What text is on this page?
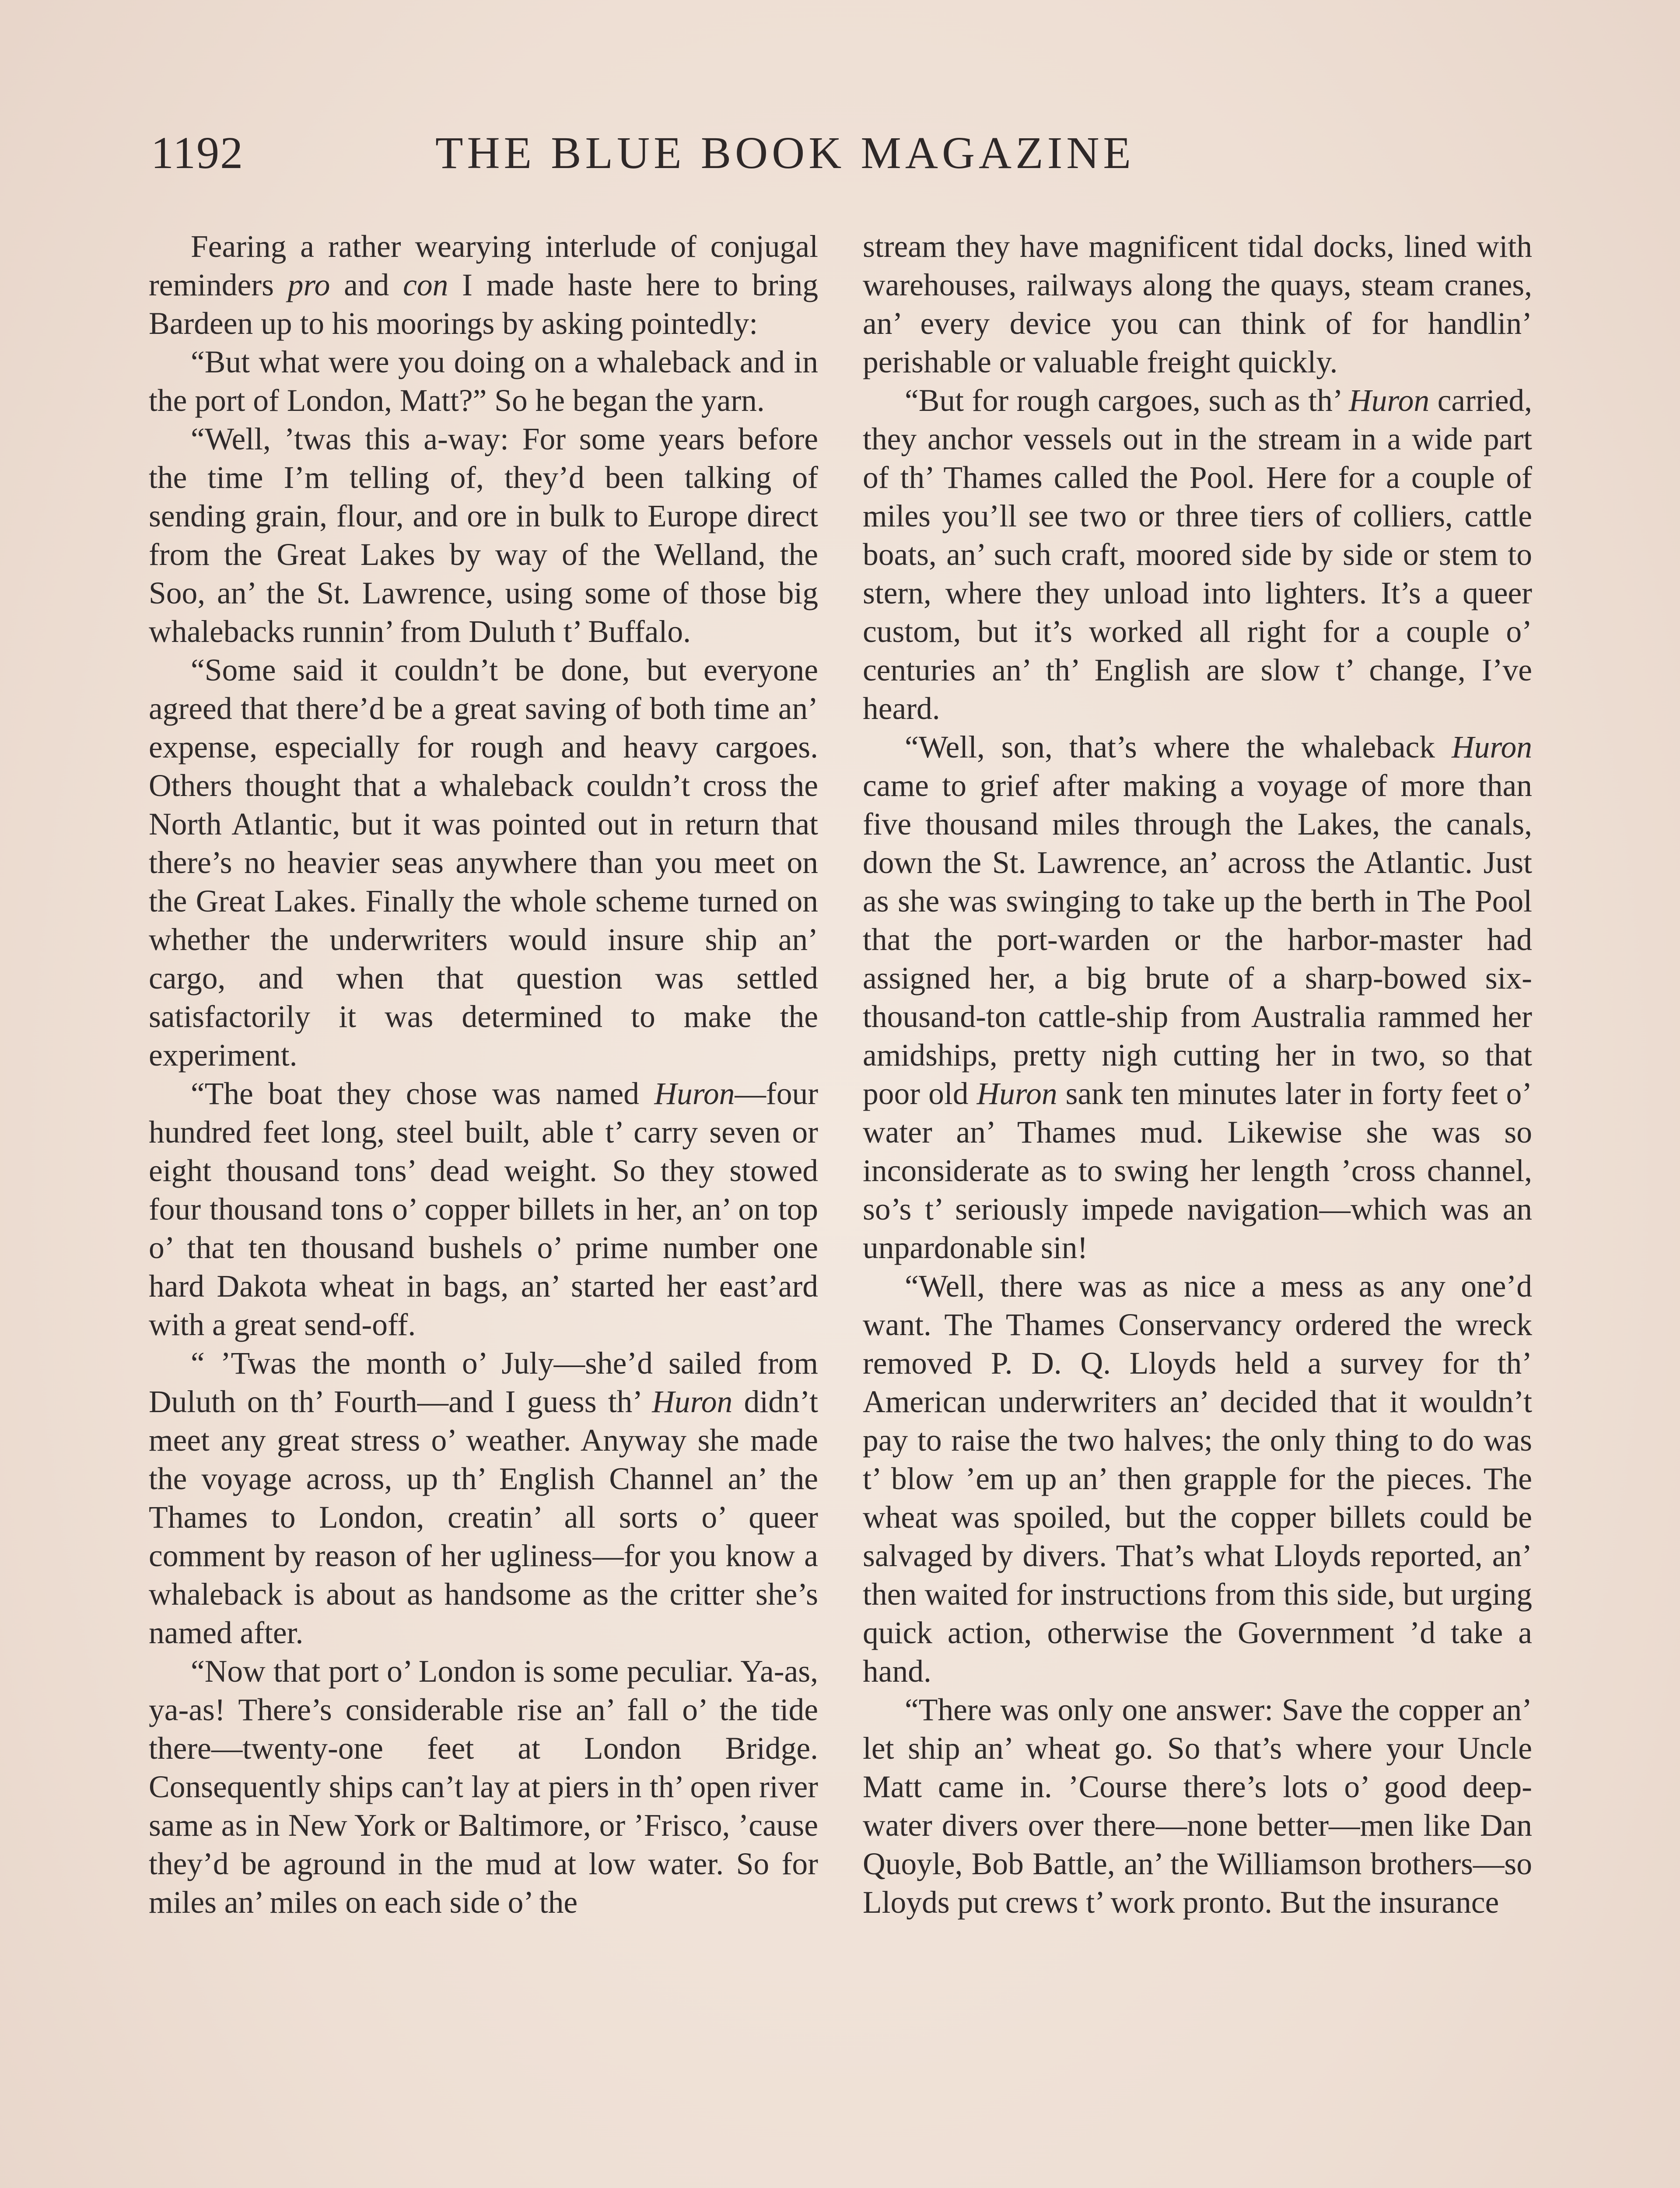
1192	THE BLUE BOOK MAGAZINE

Fearing a rather wearying interlude of conjugal reminders pro and con I made haste here to bring Bardeen up to his moorings by asking pointedly:

“But what were you doing on a whaleback and in the port of London, Matt?” So he began the yarn.

“Well, ’twas this a-way: For some years before the time I’m telling of, they’d been talking of sending grain, flour, and ore in bulk to Europe direct from the Great Lakes by way of the Welland, the Soo, an’ the St. Lawrence, using some of those big whalebacks runnin’ from Duluth t’ Buffalo.

“Some said it couldn’t be done, but everyone agreed that there’d be a great saving of both time an’ expense, especially for rough and heavy cargoes. Others thought that a whaleback couldn’t cross the North Atlantic, but it was pointed out in return that there’s no heavier seas anywhere than you meet on the Great Lakes. Finally the whole scheme turned on whether the underwriters would insure ship an’ cargo, and when that question was settled satisfactorily it was determined to make the experiment.

“The boat they chose was named Huron—four hundred feet long, steel built, able t’ carry seven or eight thousand tons’ dead weight. So they stowed four thousand tons o’ copper billets in her, an’ on top o’ that ten thousand bushels o’ prime number one hard Dakota wheat in bags, an’ started her east’ard with a great send-off.

“ ’Twas the month o’ July—she’d sailed from Duluth on th’ Fourth—and I guess th’ Huron didn’t meet any great stress o’ weather. Anyway she made the voyage across, up th’ English Channel an’ the Thames to London, creatin’ all sorts o’ queer comment by reason of her ugliness—for you know a whaleback is about as handsome as the critter she’s named after.

“Now that port o’ London is some peculiar. Ya-as, ya-as! There’s considerable rise an’ fall o’ the tide there—twenty-one feet at London Bridge. Consequently ships can’t lay at piers in th’ open river same as in New York or Baltimore, or ’Frisco, ’cause they’d be aground in the mud at low water. So for miles an’ miles on each side o’ the

stream they have magnificent tidal docks, lined with warehouses, railways along the quays, steam cranes, an’ every device you can think of for handlin’ perishable or valuable freight quickly.

“But for rough cargoes, such as th’ Huron carried, they anchor vessels out in the stream in a wide part of th’ Thames called the Pool. Here for a couple of miles you’ll see two or three tiers of colliers, cattle boats, an’ such craft, moored side by side or stem to stern, where they unload into lighters. It’s a queer custom, but it’s worked all right for a couple o’ centuries an’ th’ English are slow t’ change, I’ve heard.

“Well, son, that’s where the whaleback Huron came to grief after making a voyage of more than five thousand miles through the Lakes, the canals, down the St. Lawrence, an’ across the Atlantic. Just as she was swinging to take up the berth in The Pool that the port-warden or the harbor-master had assigned her, a big brute of a sharp-bowed six-thousand-ton cattle-ship from Australia rammed her amidships, pretty nigh cutting her in two, so that poor old Huron sank ten minutes later in forty feet o’ water an’ Thames mud. Likewise she was so inconsiderate as to swing her length ’cross channel, so’s t’ seriously impede navigation—which was an unpardonable sin!

“Well, there was as nice a mess as any one’d want. The Thames Conservancy ordered the wreck removed P. D. Q. Lloyds held a survey for th’ American underwriters an’ decided that it wouldn’t pay to raise the two halves; the only thing to do was t’ blow ’em up an’ then grapple for the pieces. The wheat was spoiled, but the copper billets could be salvaged by divers. That’s what Lloyds reported, an’ then waited for instructions from this side, but urging quick action, otherwise the Government ’d take a hand.

“There was only one answer: Save the copper an’ let ship an’ wheat go. So that’s where your Uncle Matt came in. ’Course there’s lots o’ good deep-water divers over there—none better—men like Dan Quoyle, Bob Battle, an’ the Williamson brothers—so Lloyds put crews t’ work pronto. But the insurance
